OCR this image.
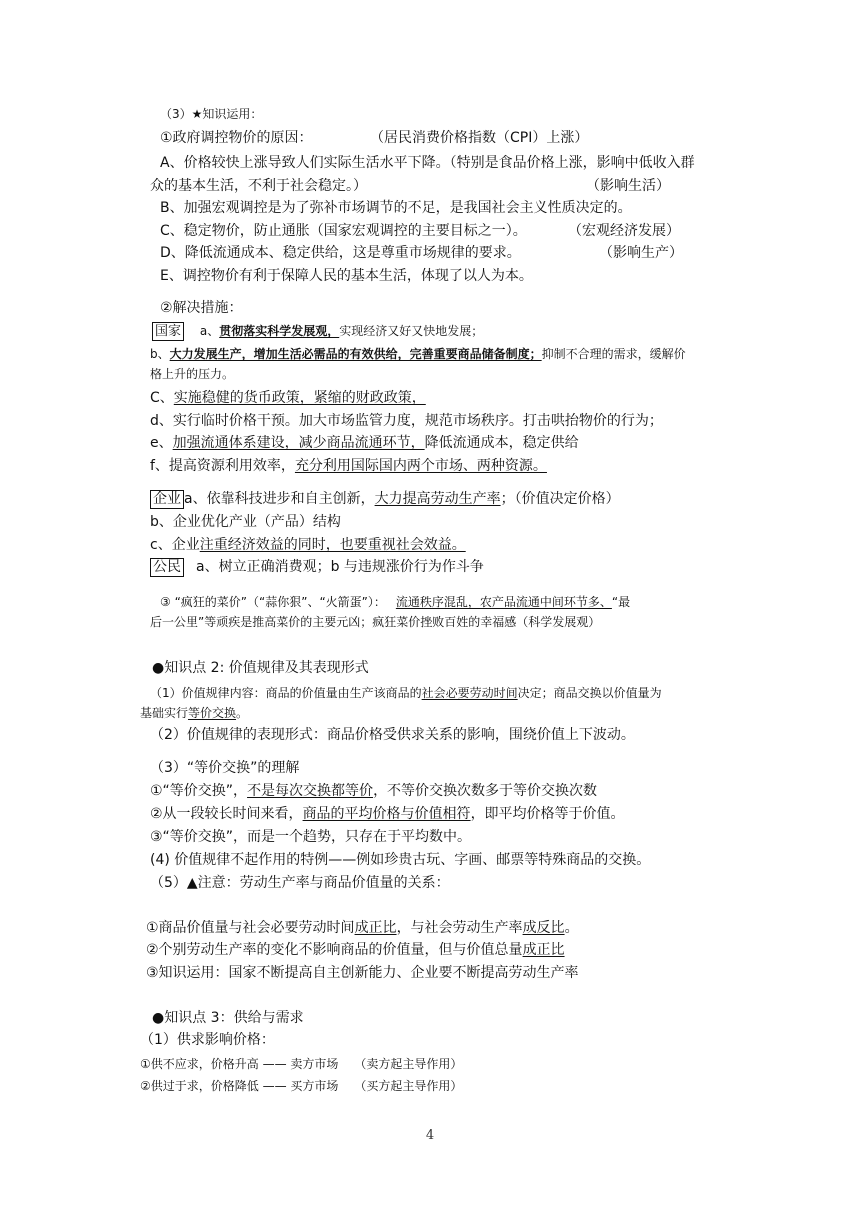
（3）★知识运用：
①政府调控物价的原因：	（居民消费价格指数（CPI）上涨）
A、价格较快上涨导致人们实际生活水平下降。（特别是食品价格上涨，影响中低收入群
众的基本生活，不利于社会稳定。）	（影响生活）
B、加强宏观调控是为了弥补市场调节的不足，是我国社会主义性质决定的。
C、稳定物价，防止通胀（国家宏观调控的主要目标之一）。	（宏观经济发展）
D、降低流通成本、稳定供给，这是尊重市场规律的要求。	（影响生产）
E、调控物价有利于保障人民的基本生活，体现了以人为本。
②解决措施：
国家 a、贯彻落实科学发展观，实现经济又好又快地发展；
b、大力发展生产，增加生活必需品的有效供给，完善重要商品储备制度；抑制不合理的需求，缓解价
格上升的压力。
C、实施稳健的货币政策，紧缩的财政政策，
d、实行临时价格干预。加大市场监管力度，规范市场秩序。打击哄抬物价的行为；
e、加强流通体系建设，减少商品流通环节，降低流通成本，稳定供给
f、提高资源利用效率，充分利用国际国内两个市场、两种资源。
企业 a、依靠科技进步和自主创新，大力提高劳动生产率；（价值决定价格）
b、企业优化产业（产品）结构
c、企业注重经济效益的同时，也要重视社会效益。
公民 a、树立正确消费观；b 与违规涨价行为作斗争
③ “疯狂的菜价”（“蒜你狠”、“火箭蛋”）： 流通秩序混乱，农产品流通中间环节多、“最
后一公里”等顽疾是推高菜价的主要元凶；疯狂菜价挫败百姓的幸福感（科学发展观）
●知识点 2: 价值规律及其表现形式
（1）价值规律内容：商品的价值量由生产该商品的社会必要劳动时间决定；商品交换以价值量为
基础实行等价交换。
（2）价值规律的表现形式：商品价格受供求关系的影响，围绕价值上下波动。
（3）“等价交换”的理解
①“等价交换”，不是每次交换都等价，不等价交换次数多于等价交换次数
②从一段较长时间来看，商品的平均价格与价值相符，即平均价格等于价值。
③“等价交换”，而是一个趋势，只存在于平均数中。
(4) 价值规律不起作用的特例——例如珍贵古玩、字画、邮票等特殊商品的交换。
（5）▲注意：劳动生产率与商品价值量的关系：
①商品价值量与社会必要劳动时间成正比，与社会劳动生产率成反比。
②个别劳动生产率的变化不影响商品的价值量，但与价值总量成正比
③知识运用：国家不断提高自主创新能力、企业要不断提高劳动生产率
●知识点 3：供给与需求
（1）供求影响价格：
①供不应求，价格升高 —— 卖方市场 （卖方起主导作用）
②供过于求，价格降低 —— 买方市场 （买方起主导作用）
4
